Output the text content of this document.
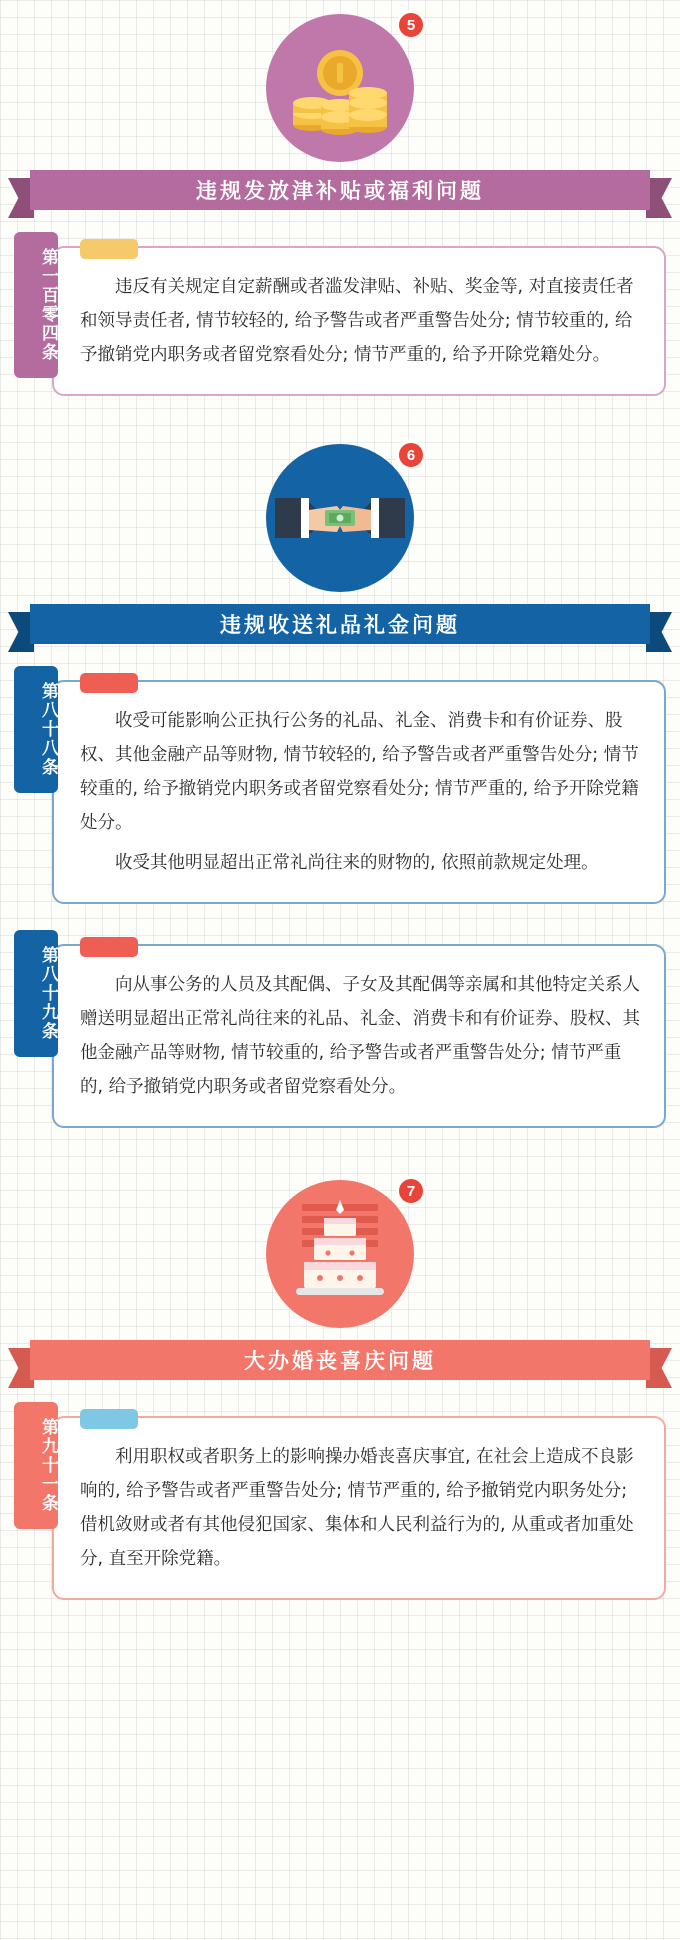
5
违规发放津补贴或福利问题
第一百零四条	违反有关规定自定薪酬或者滥发津贴、补贴、奖金等, 对直接责任者和领导责任者, 情节较轻的, 给予警告或者严重警告处分; 情节较重的, 给予撤销党内职务或者留党察看处分; 情节严重的, 给予开除党籍处分。

6
违规收送礼品礼金问题
第八十八条	收受可能影响公正执行公务的礼品、礼金、消费卡和有价证券、股权、其他金融产品等财物, 情节较轻的, 给予警告或者严重警告处分; 情节较重的, 给予撤销党内职务或者留党察看处分; 情节严重的, 给予开除党籍处分。

收受其他明显超出正常礼尚往来的财物的, 依照前款规定处理。

第八十九条	向从事公务的人员及其配偶、子女及其配偶等亲属和其他特定关系人赠送明显超出正常礼尚往来的礼品、礼金、消费卡和有价证券、股权、其他金融产品等财物, 情节较重的, 给予警告或者严重警告处分; 情节严重的, 给予撤销党内职务或者留党察看处分。

7
大办婚丧喜庆问题
第九十一条	利用职权或者职务上的影响操办婚丧喜庆事宜, 在社会上造成不良影响的, 给予警告或者严重警告处分; 情节严重的, 给予撤销党内职务处分; 借机敛财或者有其他侵犯国家、集体和人民利益行为的, 从重或者加重处分, 直至开除党籍。
